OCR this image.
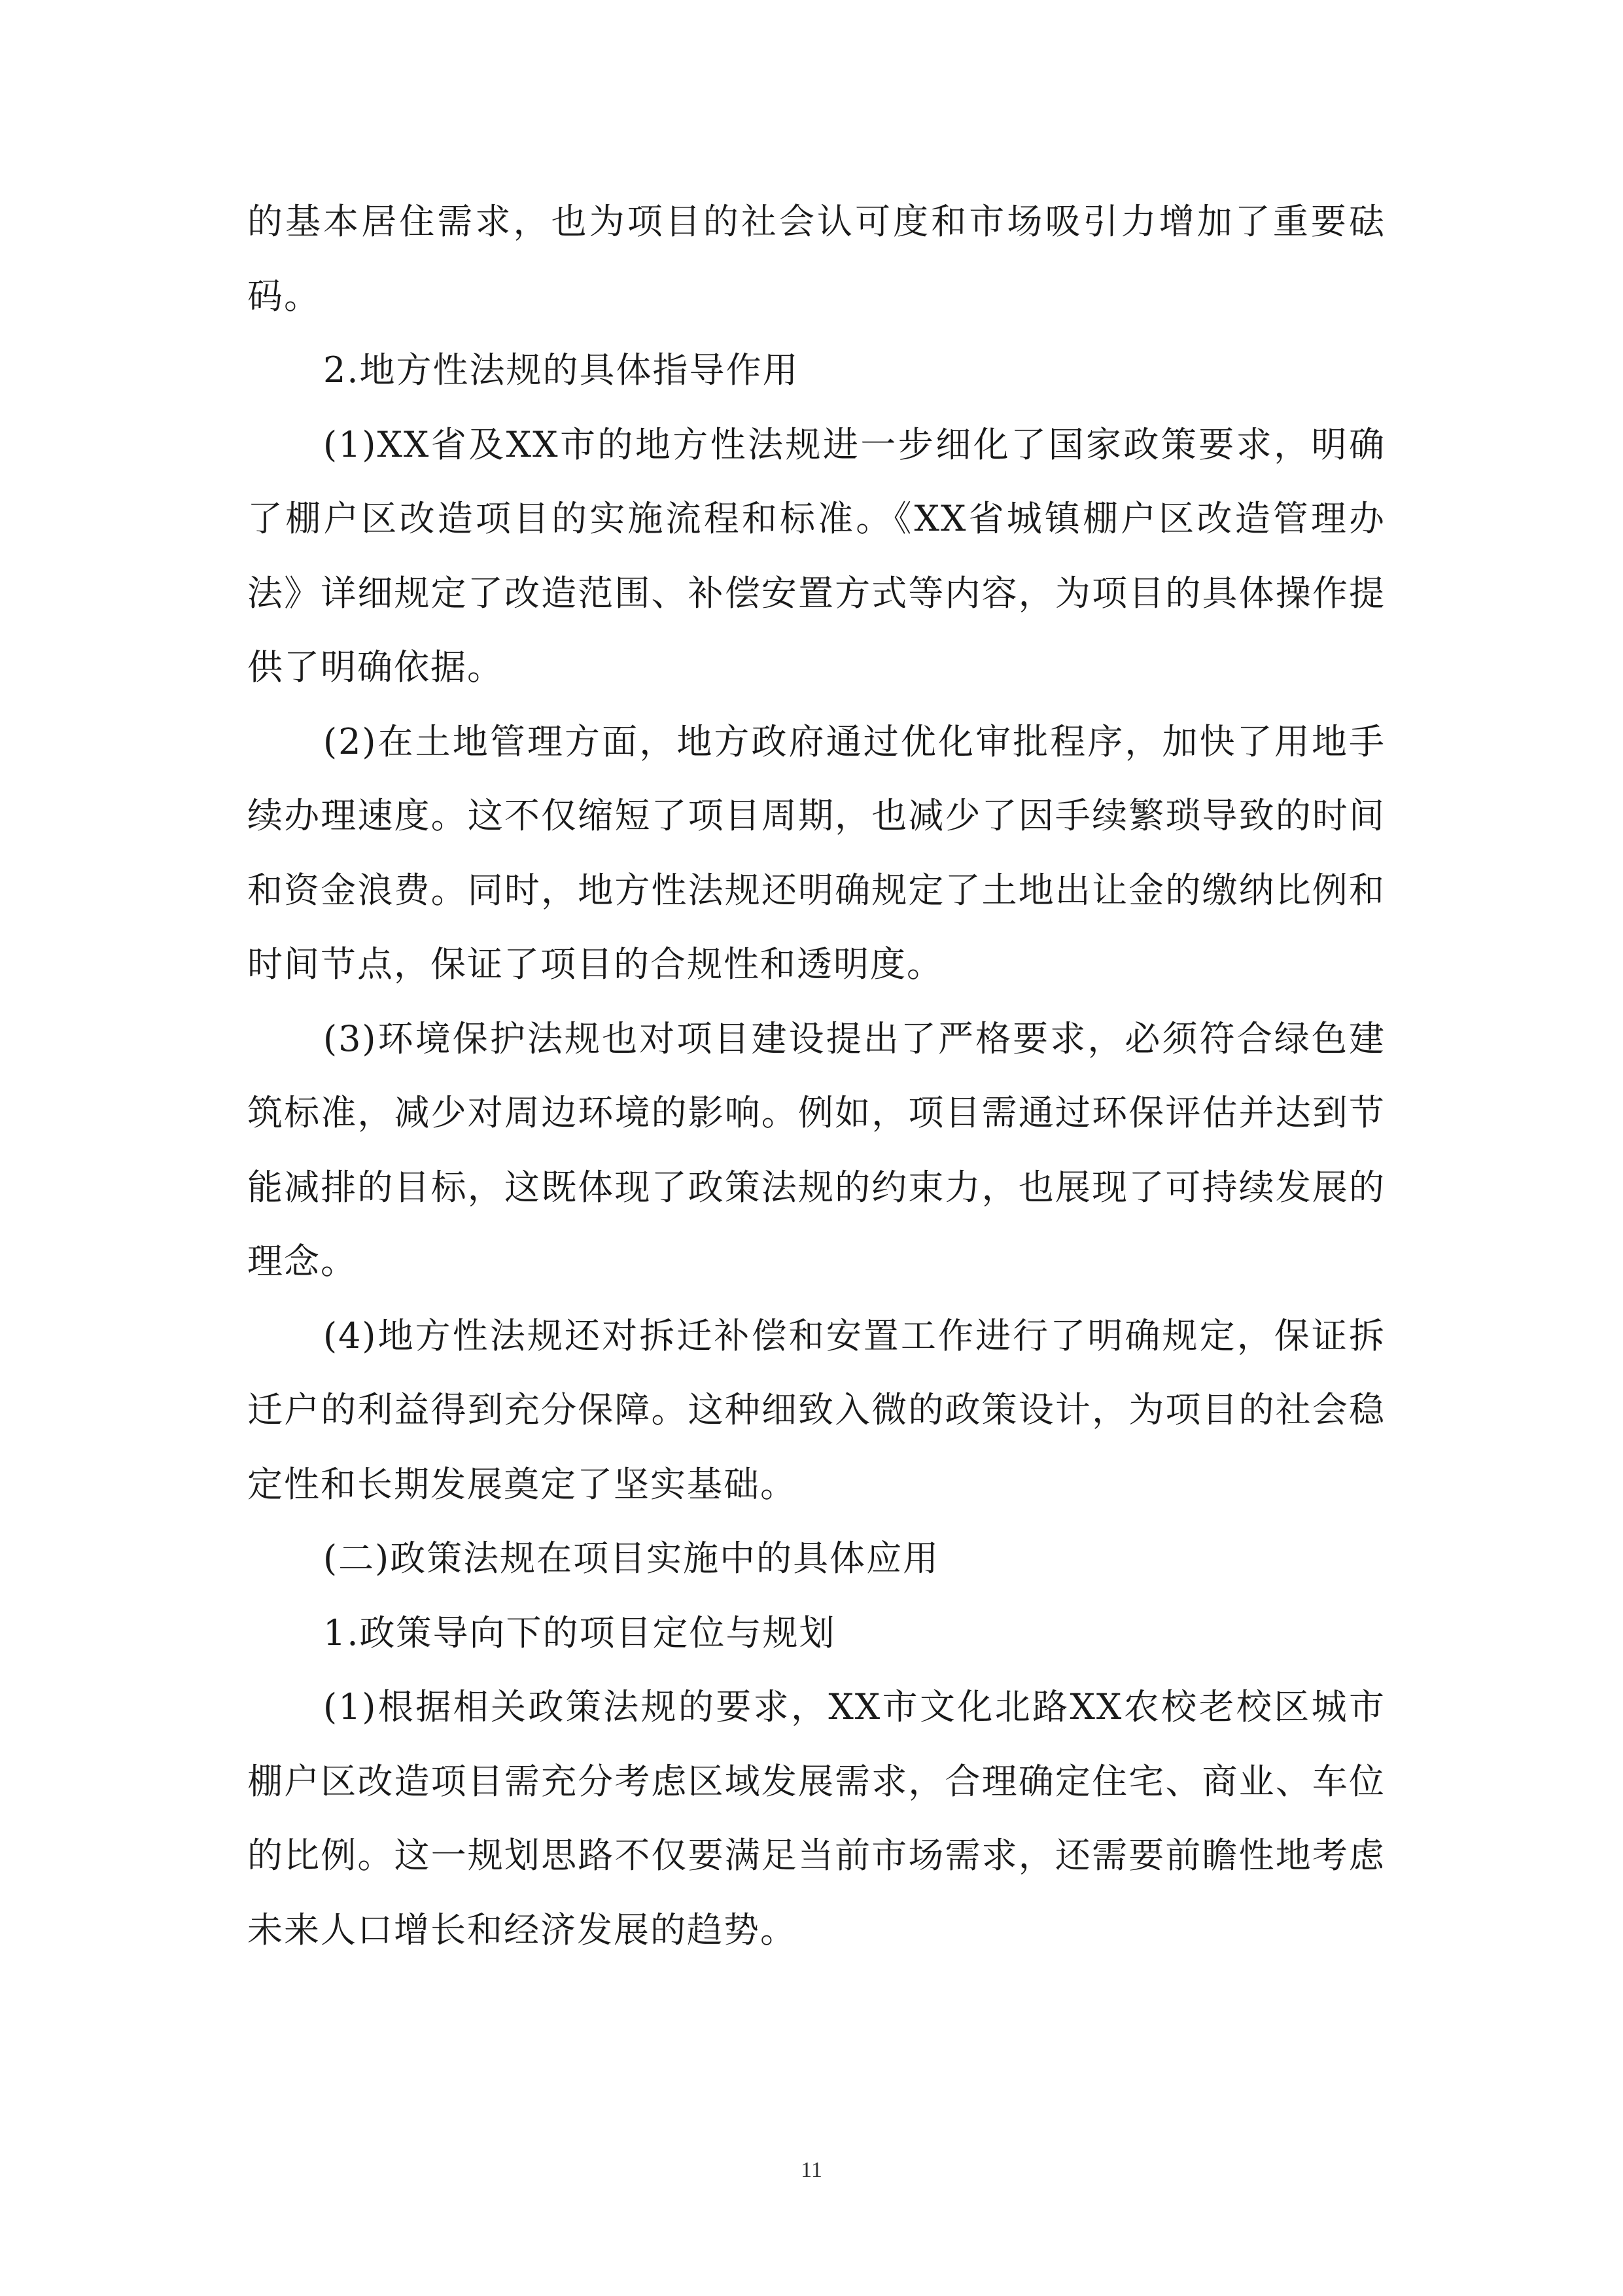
的基本居住需求，也为项目的社会认可度和市场吸引力增加了重要砝码。

2.地方性法规的具体指导作用

(1)XX省及XX市的地方性法规进一步细化了国家政策要求，明确了棚户区改造项目的实施流程和标准。《XX省城镇棚户区改造管理办法》详细规定了改造范围、补偿安置方式等内容，为项目的具体操作提供了明确依据。

(2)在土地管理方面，地方政府通过优化审批程序，加快了用地手续办理速度。这不仅缩短了项目周期，也减少了因手续繁琐导致的时间和资金浪费。同时，地方性法规还明确规定了土地出让金的缴纳比例和时间节点，保证了项目的合规性和透明度。

(3)环境保护法规也对项目建设提出了严格要求，必须符合绿色建筑标准，减少对周边环境的影响。例如，项目需通过环保评估并达到节能减排的目标，这既体现了政策法规的约束力，也展现了可持续发展的理念。

(4)地方性法规还对拆迁补偿和安置工作进行了明确规定，保证拆迁户的利益得到充分保障。这种细致入微的政策设计，为项目的社会稳定性和长期发展奠定了坚实基础。

(二)政策法规在项目实施中的具体应用

1.政策导向下的项目定位与规划

(1)根据相关政策法规的要求，XX市文化北路XX农校老校区城市棚户区改造项目需充分考虑区域发展需求，合理确定住宅、商业、车位的比例。这一规划思路不仅要满足当前市场需求，还需要前瞻性地考虑未来人口增长和经济发展的趋势。

11
